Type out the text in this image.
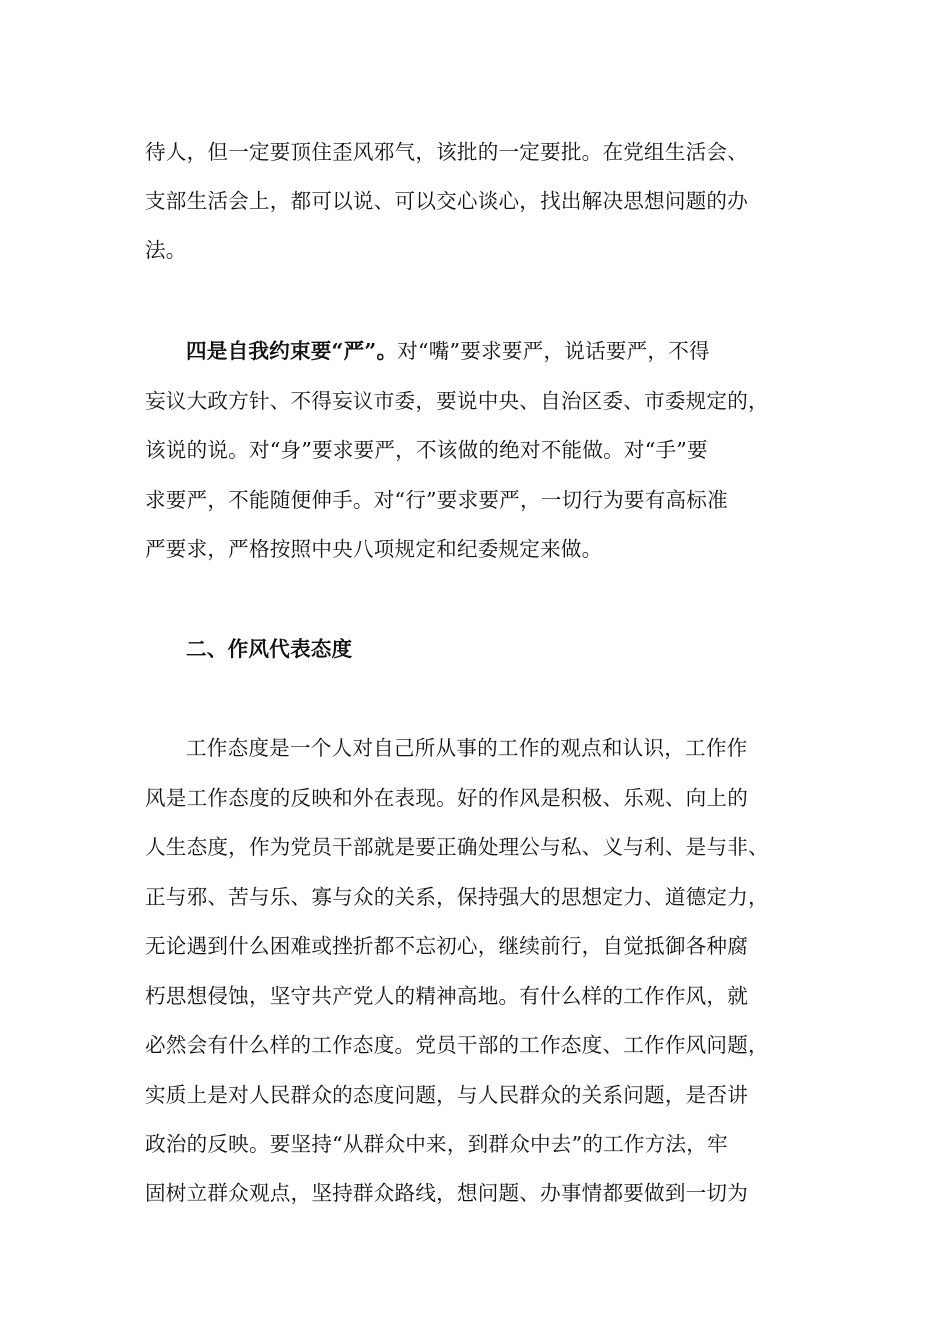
待人，但一定要顶住歪风邪气，该批的一定要批。在党组生活会、
支部生活会上，都可以说、可以交心谈心，找出解决思想问题的办
法。
四是自我约束要“严”。对“嘴”要求要严，说话要严，不得
妄议大政方针、不得妄议市委，要说中央、自治区委、市委规定的，
该说的说。对“身”要求要严，不该做的绝对不能做。对“手”要
求要严，不能随便伸手。对“行”要求要严，一切行为要有高标准
严要求，严格按照中央八项规定和纪委规定来做。
二、作风代表态度
工作态度是一个人对自己所从事的工作的观点和认识，工作作
风是工作态度的反映和外在表现。好的作风是积极、乐观、向上的
人生态度，作为党员干部就是要正确处理公与私、义与利、是与非、
正与邪、苦与乐、寡与众的关系，保持强大的思想定力、道德定力，
无论遇到什么困难或挫折都不忘初心，继续前行，自觉抵御各种腐
朽思想侵蚀，坚守共产党人的精神高地。有什么样的工作作风，就
必然会有什么样的工作态度。党员干部的工作态度、工作作风问题，
实质上是对人民群众的态度问题，与人民群众的关系问题，是否讲
政治的反映。要坚持“从群众中来，到群众中去”的工作方法，牢
固树立群众观点，坚持群众路线，想问题、办事情都要做到一切为
